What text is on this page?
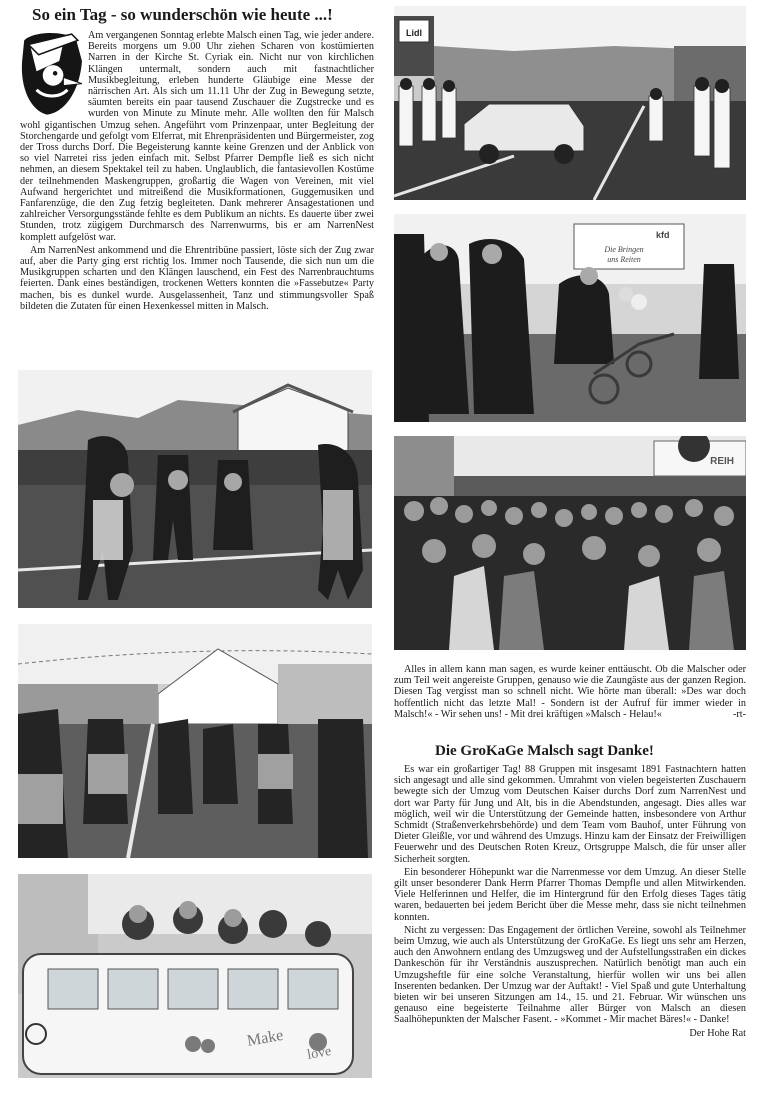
So ein Tag - so wunderschön wie heute ...!

Am vergangenen Sonntag erlebte Malsch einen Tag, wie jeder andere. Bereits morgens um 9.00 Uhr ziehen Scharen von kostümierten Narren in der Kirche St. Cyriak ein. Nicht nur von kirchlichen Klängen untermalt, sondern auch mit fastnachtlicher Musikbegleitung, erleben hunderte Gläubige eine Messe der närrischen Art. Als sich um 11.11 Uhr der Zug in Bewegung setzte, säumten bereits ein paar tausend Zuschauer die Zugstrecke und es wurden von Minute zu Minute mehr. Alle wollten den für Malsch wohl gigantischen Umzug sehen. Angeführt vom Prinzenpaar, unter Begleitung der Storchengarde und gefolgt vom Elferrat, mit Ehrenpräsidenten und Bürgermeister, zog der Tross durchs Dorf. Die Begeisterung kannte keine Grenzen und der Anblick von so viel Narretei riss jeden einfach mit. Selbst Pfarrer Dempfle ließ es sich nicht nehmen, an diesem Spektakel teil zu haben. Unglaublich, die fantasievollen Kostüme der teilnehmenden Maskengruppen, großartig die Wagen von Vereinen, mit viel Aufwand hergerichtet und mitreißend die Musikformationen, Guggemusiken und Fanfarenzüge, die den Zug fetzig begleiteten. Dank mehrerer Ansagestationen und zahlreicher Versorgungsstände fehlte es dem Publikum an nichts. Es dauerte über zwei Stunden, trotz zügigem Durchmarsch des Narrenwurms, bis er am NarrenNest komplett aufgelöst war.

Am NarrenNest ankommend und die Ehrentribüne passiert, löste sich der Zug zwar auf, aber die Party ging erst richtig los. Immer noch Tausende, die sich nun um die Musikgruppen scharten und den Klängen lauschend, ein Fest des Narrenbrauchtums feierten. Dank eines beständigen, trockenen Wetters konnten die »Fassebutze« Party machen, bis es dunkel wurde. Ausgelassenheit, Tanz und stimmungsvoller Spaß bildeten die Zutaten für einen Hexenkessel mitten in Malsch.

Make
love
Lidl
kfd
Die Bringen
uns Reiten
REIH

Alles in allem kann man sagen, es wurde keiner enttäuscht. Ob die Malscher oder zum Teil weit angereiste Gruppen, genauso wie die Zaungäste aus der ganzen Region. Diesen Tag vergisst man so schnell nicht. Wie hörte man überall: »Des war doch hoffentlich nicht das letzte Mal! - Sondern ist der Aufruf für immer wieder in Malsch!« - Wir sehen uns! - Mit drei kräftigen »Malsch - Helau!«	-rt-

Die GroKaGe Malsch sagt Danke!

Es war ein großartiger Tag! 88 Gruppen mit insgesamt 1891 Fastnachtern hatten sich angesagt und alle sind gekommen. Umrahmt von vielen begeisterten Zuschauern bewegte sich der Umzug vom Deutschen Kaiser durchs Dorf zum NarrenNest und dort war Party für Jung und Alt, bis in die Abendstunden, angesagt. Dies alles war möglich, weil wir die Unterstützung der Gemeinde hatten, insbesondere von Arthur Schmidt (Straßenverkehrsbehörde) und dem Team vom Bauhof, unter Führung von Dieter Gleißle, vor und während des Umzugs. Hinzu kam der Einsatz der Freiwilligen Feuerwehr und des Deutschen Roten Kreuz, Ortsgruppe Malsch, die für unser aller Sicherheit sorgten.

Ein besonderer Höhepunkt war die Narrenmesse vor dem Umzug. An dieser Stelle gilt unser besonderer Dank Herrn Pfarrer Thomas Dempfle und allen Mitwirkenden. Viele Helferinnen und Helfer, die im Hintergrund für den Erfolg dieses Tages tätig waren, bedauerten bei jedem Bericht über die Messe mehr, dass sie nicht teilnehmen konnten.

Nicht zu vergessen: Das Engagement der örtlichen Vereine, sowohl als Teilnehmer beim Umzug, wie auch als Unterstützung der GroKaGe. Es liegt uns sehr am Herzen, auch den Anwohnern entlang des Umzugsweg und der Aufstellungsstraßen ein dickes Dankeschön für ihr Verständnis auszusprechen. Natürlich benötigt man auch ein Umzugsheftle für eine solche Veranstaltung, hierfür wollen wir uns bei allen Inserenten bedanken. Der Umzug war der Auftakt! - Viel Spaß und gute Unterhaltung bieten wir bei unseren Sitzungen am 14., 15. und 21. Februar. Wir wünschen uns genauso eine begeisterte Teilnahme aller Bürger von Malsch an diesen Saalhöhepunkten der Malscher Fasent. - »Kommet - Mir machet Bäres!« - Danke!

Der Hohe Rat
